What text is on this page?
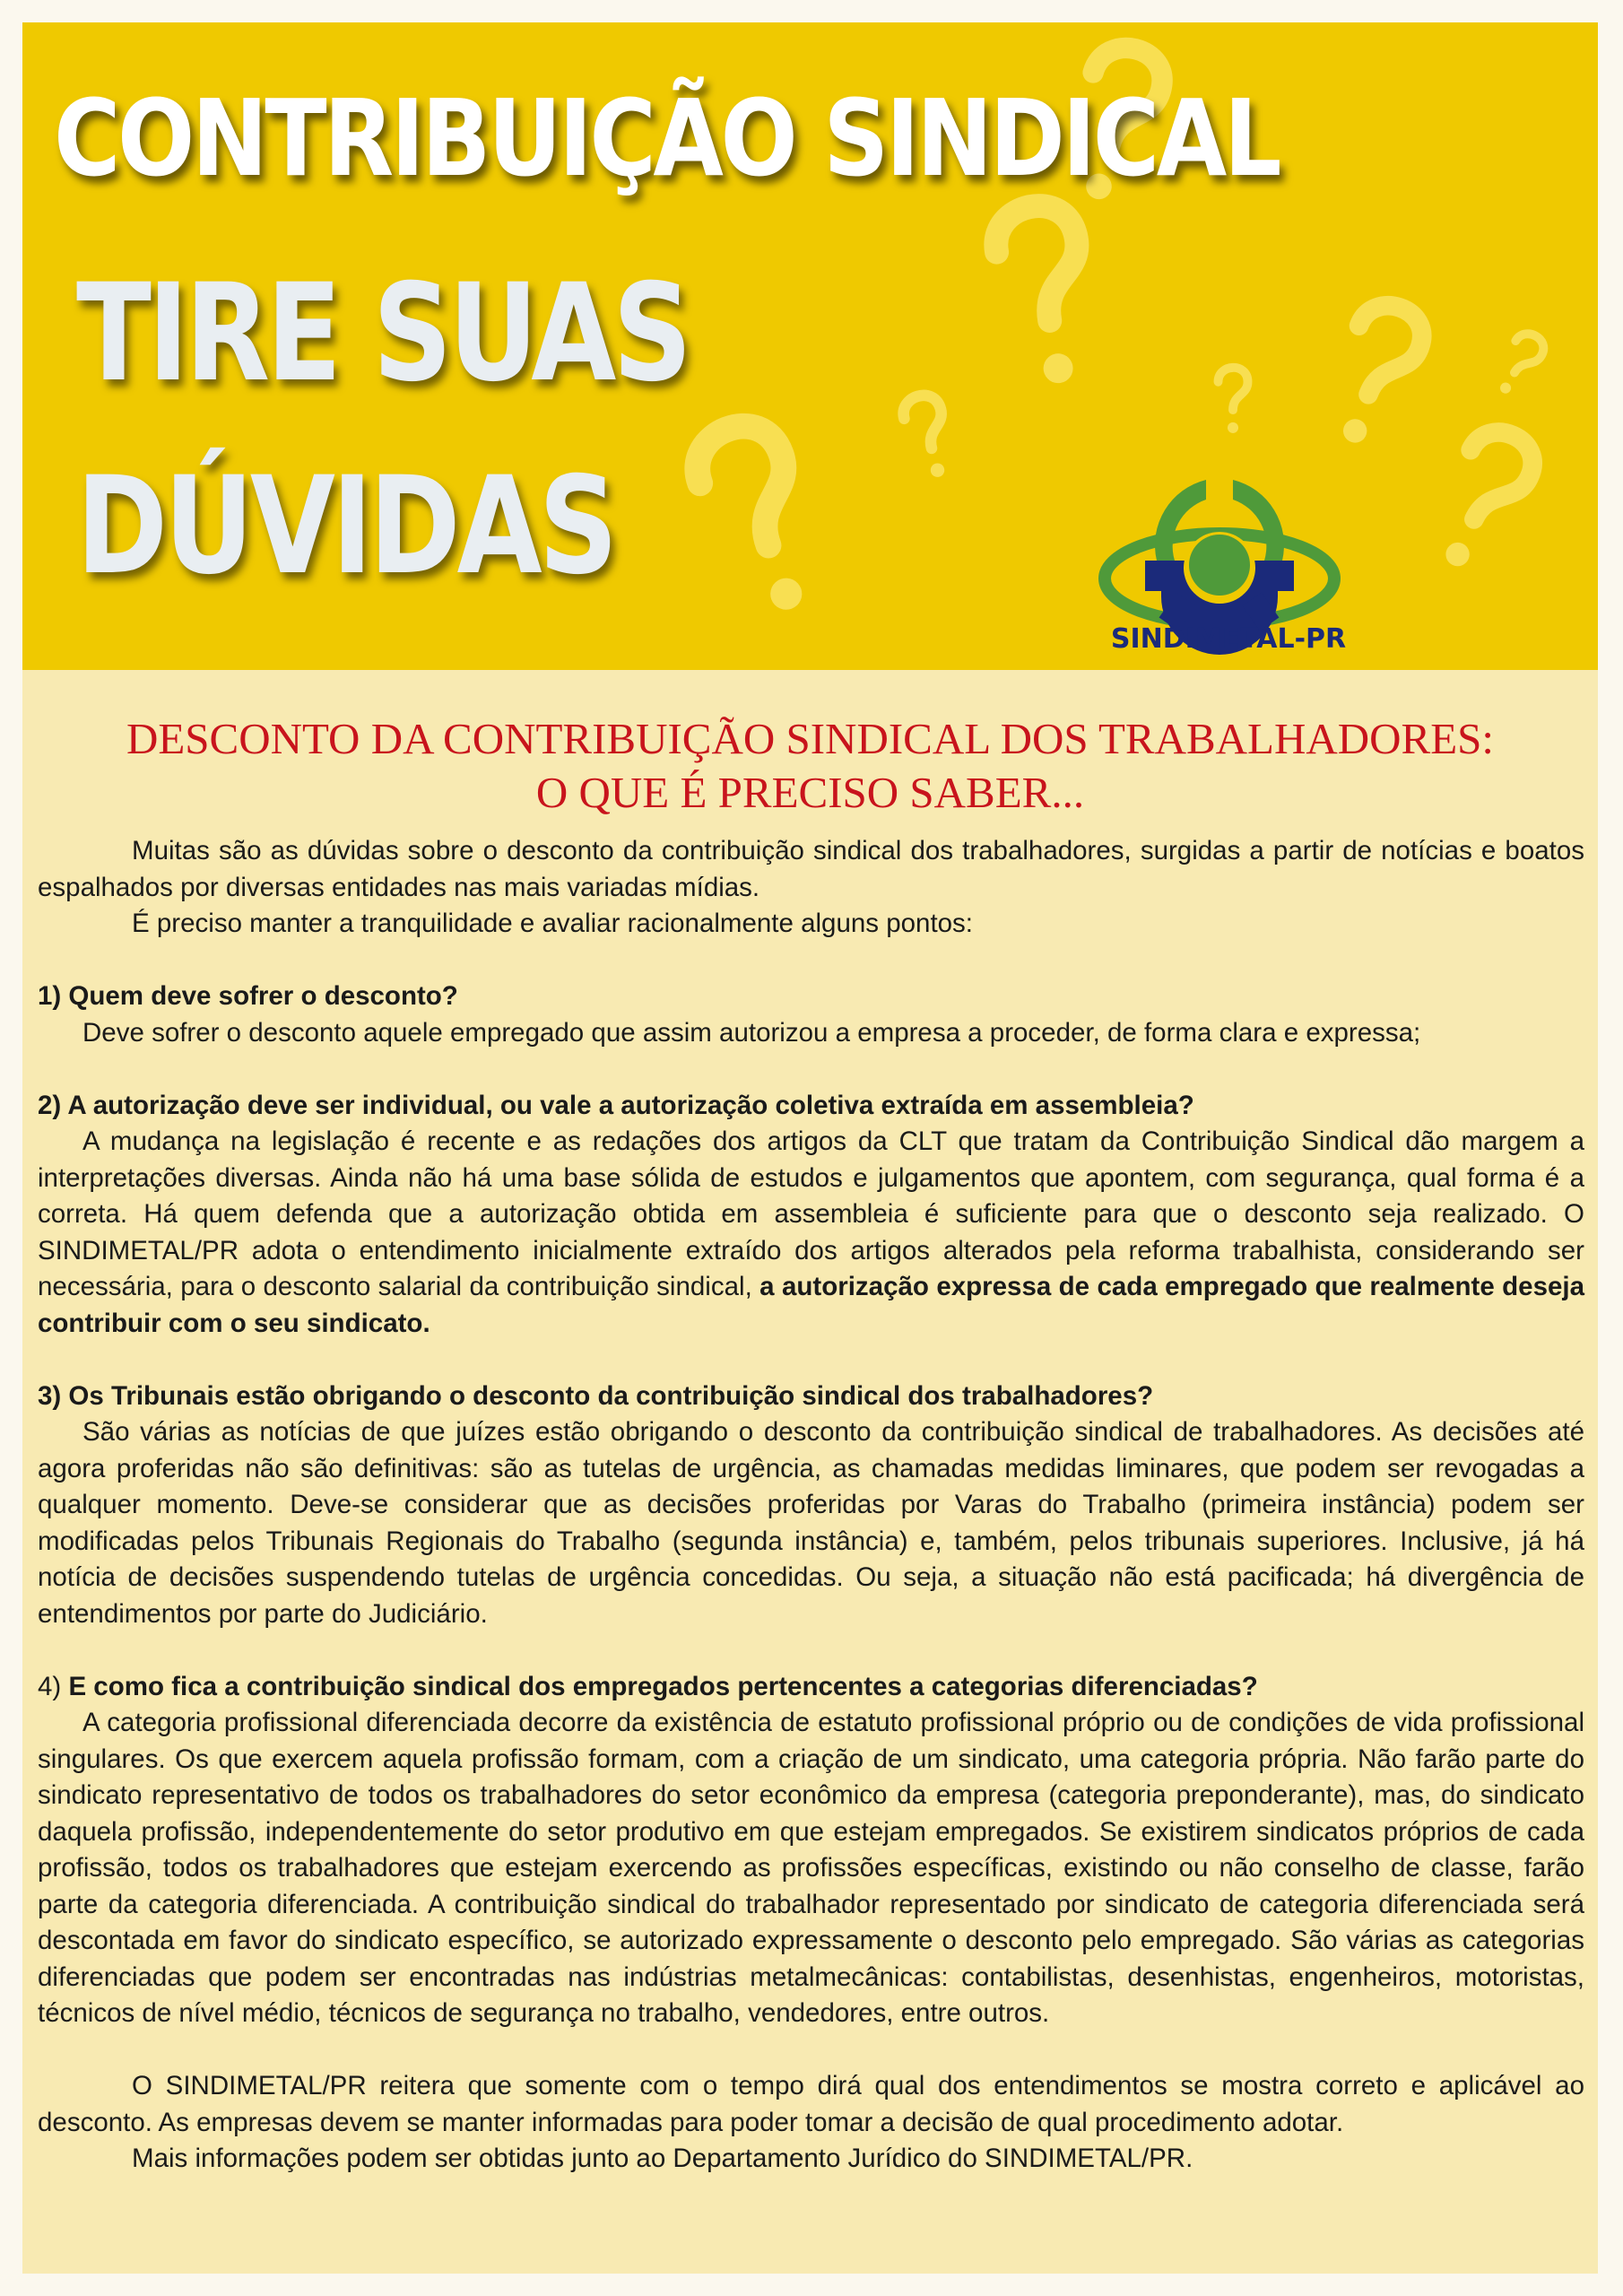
CONTRIBUIÇÃO SINDICAL
TIRE SUAS
DÚVIDAS
SINDIMETAL-PR
DESCONTO DA CONTRIBUIÇÃO SINDICAL DOS TRABALHADORES:
O QUE É PRECISO SABER...

Muitas são as dúvidas sobre o desconto da contribuição sindical dos trabalhadores, surgidas a partir de notícias e boatos espalhados por diversas entidades nas mais variadas mídias.

É preciso manter a tranquilidade e avaliar racionalmente alguns pontos:

1) Quem deve sofrer o desconto?

Deve sofrer o desconto aquele empregado que assim autorizou a empresa a proceder, de forma clara e expressa;

2) A autorização deve ser individual, ou vale a autorização coletiva extraída em assembleia?

A mudança na legislação é recente e as redações dos artigos da CLT que tratam da Contribuição Sindical dão margem a interpretações diversas. Ainda não há uma base sólida de estudos e julgamentos que apontem, com segurança, qual forma é a correta. Há quem defenda que a autorização obtida em assembleia é suficiente para que o desconto seja realizado. O SINDIMETAL/PR adota o entendimento inicialmente extraído dos artigos alterados pela reforma trabalhista, considerando ser necessária, para o desconto salarial da contribuição sindical, a autorização expressa de cada empregado que realmente deseja contribuir com o seu sindicato.

3) Os Tribunais estão obrigando o desconto da contribuição sindical dos trabalhadores?

São várias as notícias de que juízes estão obrigando o desconto da contribuição sindical de trabalhadores. As decisões até agora proferidas não são definitivas: são as tutelas de urgência, as chamadas medidas liminares, que podem ser revogadas a qualquer momento. Deve-se considerar que as decisões proferidas por Varas do Trabalho (primeira instância) podem ser modificadas pelos Tribunais Regionais do Trabalho (segunda instância) e, também, pelos tribunais superiores. Inclusive, já há notícia de decisões suspendendo tutelas de urgência concedidas. Ou seja, a situação não está pacificada; há divergência de entendimentos por parte do Judiciário.

4) E como fica a contribuição sindical dos empregados pertencentes a categorias diferenciadas?

A categoria profissional diferenciada decorre da existência de estatuto profissional próprio ou de condições de vida profissional singulares. Os que exercem aquela profissão formam, com a criação de um sindicato, uma categoria própria. Não farão parte do sindicato representativo de todos os trabalhadores do setor econômico da empresa (categoria preponderante), mas, do sindicato daquela profissão, independentemente do setor produtivo em que estejam empregados. Se existirem sindicatos próprios de cada profissão, todos os trabalhadores que estejam exercendo as profissões específicas, existindo ou não conselho de classe, farão parte da categoria diferenciada. A contribuição sindical do trabalhador representado por sindicato de categoria diferenciada será descontada em favor do sindicato específico, se autorizado expressamente o desconto pelo empregado. São várias as categorias diferenciadas que podem ser encontradas nas indústrias metalmecânicas: contabilistas, desenhistas, engenheiros, motoristas, técnicos de nível médio, técnicos de segurança no trabalho, vendedores, entre outros.

O SINDIMETAL/PR reitera que somente com o tempo dirá qual dos entendimentos se mostra correto e aplicável ao desconto. As empresas devem se manter informadas para poder tomar a decisão de qual procedimento adotar.

Mais informações podem ser obtidas junto ao Departamento Jurídico do SINDIMETAL/PR.
